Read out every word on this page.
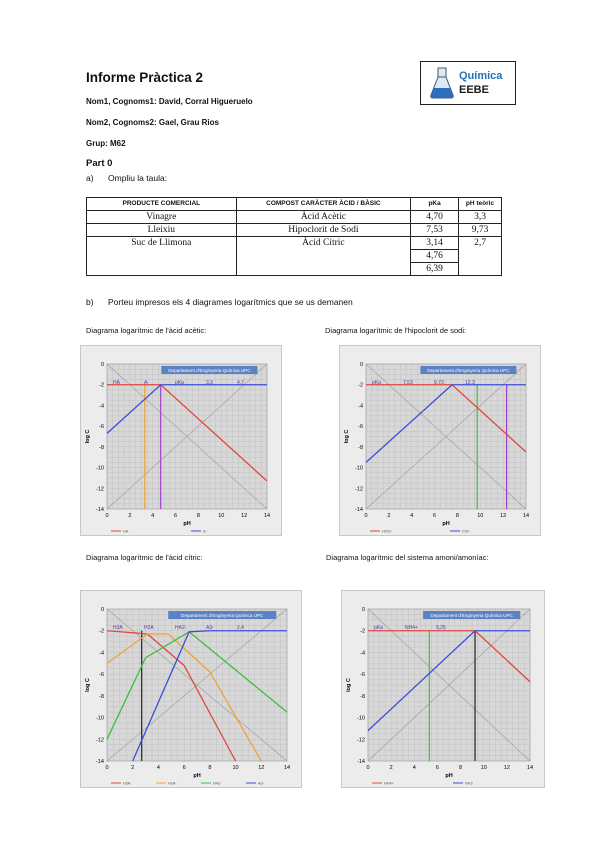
Informe Pràctica 2	Química
EEBE
Nom1, Cognoms1: David, Corral Higueruelo
Nom2, Cognoms2: Gael, Grau Rios
Grup: M62
Part 0
a) Ompliu la taula:
PRODUCTE COMERCIAL	COMPOST CARÀCTER ÀCID / BÀSIC	pKa	pH teòric
Vinagre	Àcid Acètic	4,70	3,3
Lleixiu	Hipoclorit de Sodi	7,53	9,73
Suc de Llimona	Àcid Cítric	3,14	2,7
		4,76	
		6,39	
b) Porteu impresos els 4 diagrames logarítmics que se us demanen
Diagrama logarítmic de l'àcid acètic:	Diagrama logarítmic de l'hipoclorit de sodi:
Diagrama logarítmic de l'àcid cítric:	Diagrama logarítmic del sistema amoni/amoníac:
Departament d'Enginyeria Química UPC
0	2	4	6	8	10	12	14
0
-2
-4
-6
-8
-10
-12
-14
pH
log C
HA	A-	pKa	3,3	4,7
HA	A-
Departament d'Enginyeria Química UPC
0	2	4	6	8	10	12	14
0
-2
-4
-6
-8
-10
-12
-14
pH
log C
pKa	7,53	9,73	12,3
HClO	ClO-
Departament d'Enginyeria Química UPC
0	2	4	6	8	10	12	14
0
-2
-4
-6
-8
-10
-12
-14
pH
log C
H3A	H2A	HA2-	A3-	2,4
H3A	H2A-	HA2-	A3-
Departament d'Enginyeria Química UPC
0	2	4	6	8	10	12	14
0
-2
-4
-6
-8
-10
-12
-14
pH
log C
pKa	NH4+	9,25
NH4+	NH3
